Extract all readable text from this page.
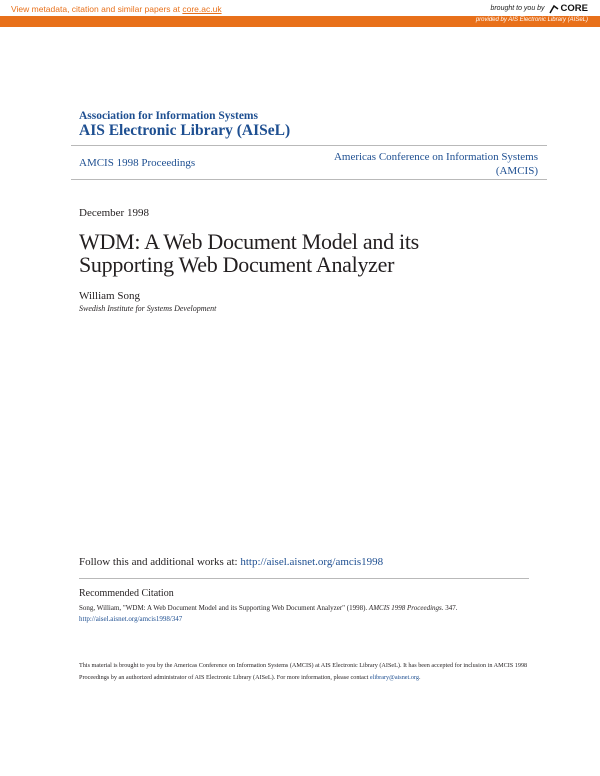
View metadata, citation and similar papers at core.ac.uk	brought to you by CORE
provided by AIS Electronic Library (AISeL)
Association for Information Systems
AIS Electronic Library (AISeL)
AMCIS 1998 Proceedings	Americas Conference on Information Systems
(AMCIS)
December 1998
WDM: A Web Document Model and its
Supporting Web Document Analyzer
William Song
Swedish Institute for Systems Development
Follow this and additional works at: http://aisel.aisnet.org/amcis1998
Recommended Citation
Song, William, "WDM: A Web Document Model and its Supporting Web Document Analyzer" (1998). AMCIS 1998 Proceedings. 347.
http://aisel.aisnet.org/amcis1998/347
This material is brought to you by the Americas Conference on Information Systems (AMCIS) at AIS Electronic Library (AISeL). It has been accepted for inclusion in AMCIS 1998 Proceedings by an authorized administrator of AIS Electronic Library (AISeL). For more information, please contact elibrary@aisnet.org.
